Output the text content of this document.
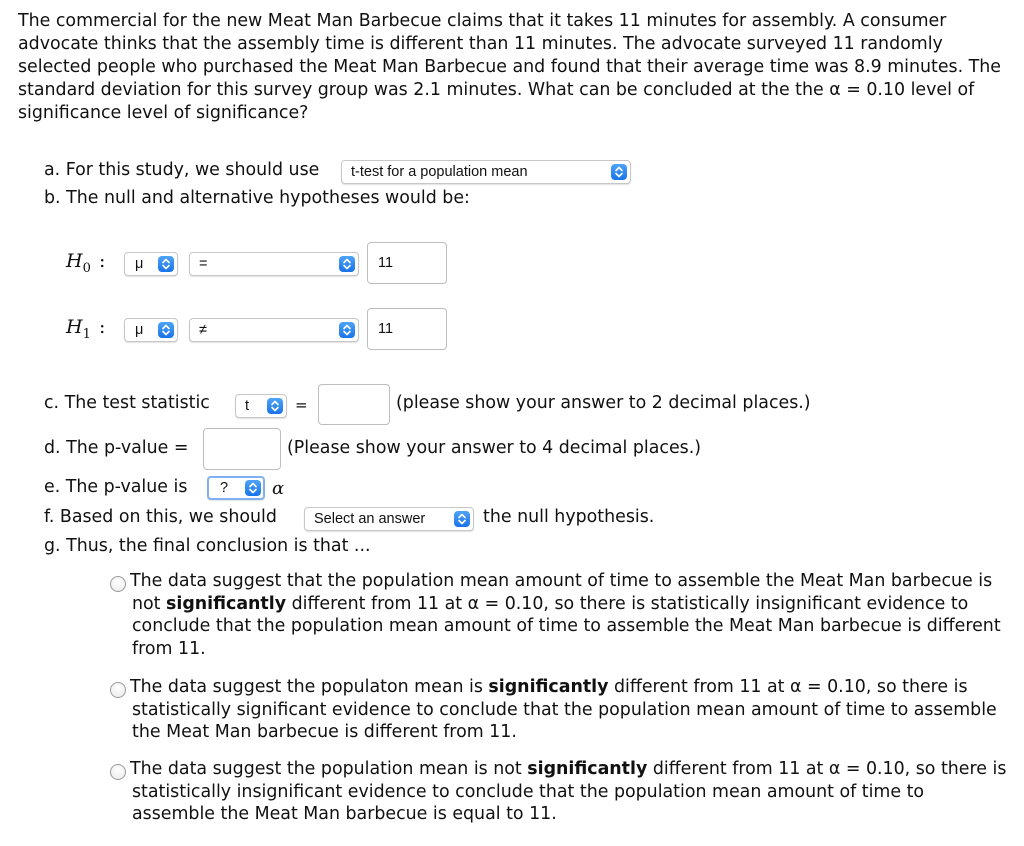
The commercial for the new Meat Man Barbecue claims that it takes 11 minutes for assembly. A consumer advocate thinks that the assembly time is different than 11 minutes. The advocate surveyed 11 randomly selected people who purchased the Meat Man Barbecue and found that their average time was 8.9 minutes. The standard deviation for this survey group was 2.1 minutes. What can be concluded at the the α = 0.10 level of significance level of significance?
a. For this study, we should use t-test for a population mean
b. The null and alternative hypotheses would be:
$H_0$ : μ	=	11
$H_1$ : μ	≠	11
c. The test statistic t	=	(please show your answer to 2 decimal places.)
d. The p-value =	(Please show your answer to 4 decimal places.)
e. The p-value is ? α
f. Based on this, we should	Select an answer	the null hypothesis.
g. Thus, the final conclusion is that ...
The data suggest that the population mean amount of time to assemble the Meat Man barbecue is not significantly different from 11 at α = 0.10, so there is statistically insignificant evidence to conclude that the population mean amount of time to assemble the Meat Man barbecue is different from 11.
The data suggest the populaton mean is significantly different from 11 at α = 0.10, so there is statistically significant evidence to conclude that the population mean amount of time to assemble the Meat Man barbecue is different from 11.
The data suggest the population mean is not significantly different from 11 at α = 0.10, so there is statistically insignificant evidence to conclude that the population mean amount of time to assemble the Meat Man barbecue is equal to 11.
